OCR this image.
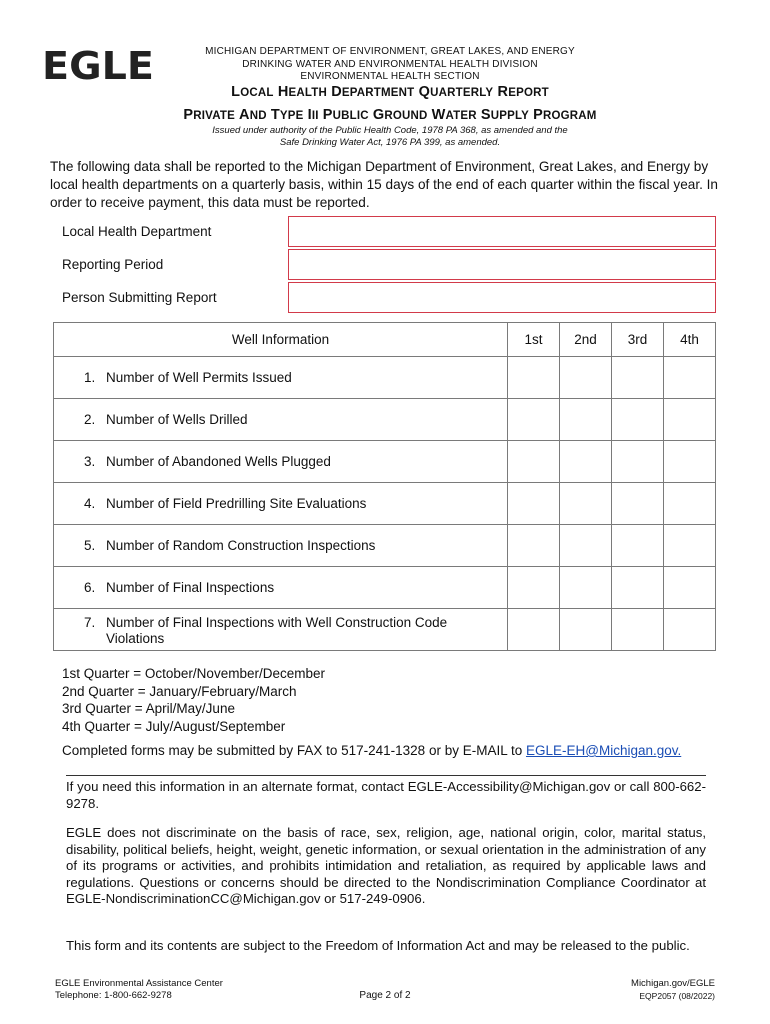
EGLE	MICHIGAN DEPARTMENT OF ENVIRONMENT, GREAT LAKES, AND ENERGY
DRINKING WATER AND ENVIRONMENTAL HEALTH DIVISION
ENVIRONMENTAL HEALTH SECTION
LOCAL HEALTH DEPARTMENT QUARTERLY REPORT
PRIVATE AND TYPE III PUBLIC GROUND WATER SUPPLY PROGRAM
Issued under authority of the Public Health Code, 1978 PA 368, as amended and the
Safe Drinking Water Act, 1976 PA 399, as amended.
The following data shall be reported to the Michigan Department of Environment, Great Lakes, and Energy by local health departments on a quarterly basis, within 15 days of the end of each quarter within the fiscal year. In order to receive payment, this data must be reported.
Local Health Department
Reporting Period
Person Submitting Report
Well Information	1st	2nd	3rd	4th
1. Number of Well Permits Issued				
2. Number of Wells Drilled				
3. Number of Abandoned Wells Plugged				
4. Number of Field Predrilling Site Evaluations				
5. Number of Random Construction Inspections				
6. Number of Final Inspections				
7. Number of Final Inspections with Well Construction Code
Violations				
1st Quarter = October/November/December
2nd Quarter = January/February/March
3rd Quarter = April/May/June
4th Quarter = July/August/September
Completed forms may be submitted by FAX to 517-241-1328 or by E-MAIL to EGLE-EH@Michigan.gov.
If you need this information in an alternate format, contact EGLE-Accessibility@Michigan.gov or call 800-662-9278.
EGLE does not discriminate on the basis of race, sex, religion, age, national origin, color, marital status, disability, political beliefs, height, weight, genetic information, or sexual orientation in the administration of any of its programs or activities, and prohibits intimidation and retaliation, as required by applicable laws and regulations. Questions or concerns should be directed to the Nondiscrimination Compliance Coordinator at EGLE-NondiscriminationCC@Michigan.gov or 517-249-0906.
This form and its contents are subject to the Freedom of Information Act and may be released to the public.
EGLE Environmental Assistance Center
Telephone: 1-800-662-9278	Page 2 of 2
Michigan.gov/EGLE
EQP2057 (08/2022)
